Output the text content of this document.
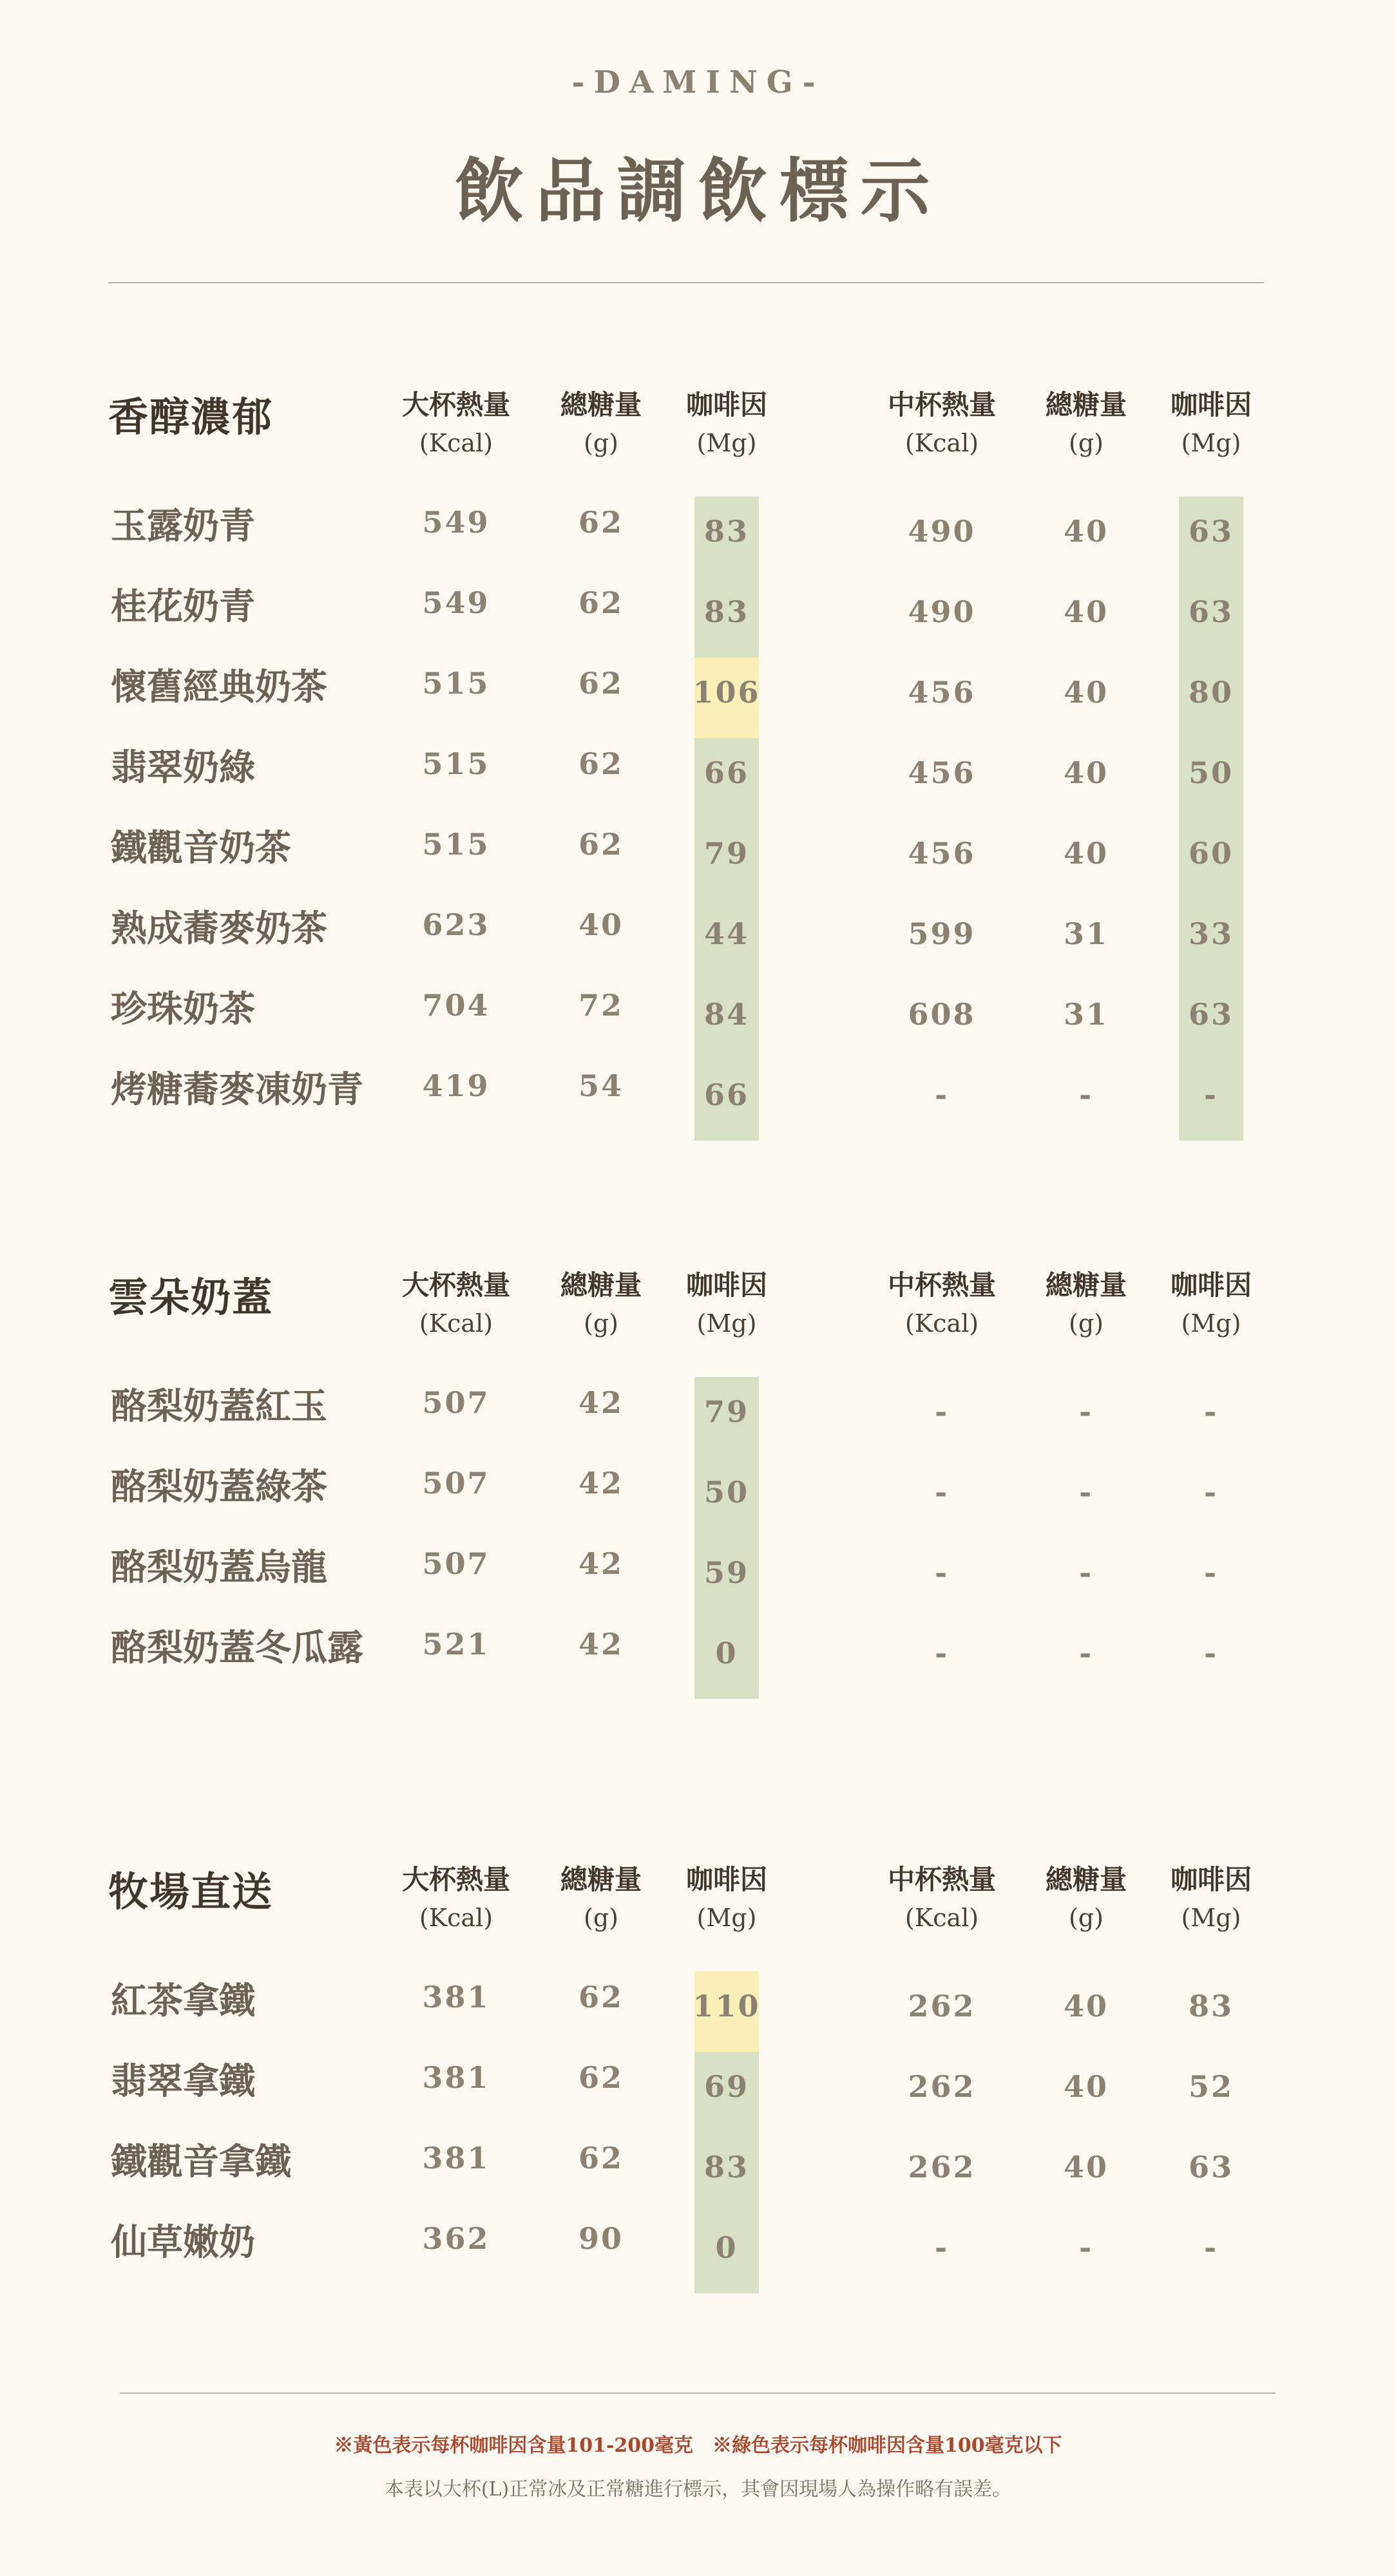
-DAMING-
飲品調飲標示
香醇濃郁	大杯熱量
(Kcal)
總糖量
(g)
咖啡因
(Mg)
中杯熱量
(Kcal)
總糖量
(g)
咖啡因
(Mg)
玉露奶青	549	62	83	490	40	63
桂花奶青	549	62	83	490	40	63
懷舊經典奶茶	515	62	106	456	40	80
翡翠奶綠	515	62	66	456	40	50
鐵觀音奶茶	515	62	79	456	40	60
熟成蕎麥奶茶	623	40	44	599	31	33
珍珠奶茶	704	72	84	608	31	63
烤糖蕎麥凍奶青	419	54	66	-	-	-
雲朵奶蓋	大杯熱量
(Kcal)
總糖量
(g)
咖啡因
(Mg)
中杯熱量
(Kcal)
總糖量
(g)
咖啡因
(Mg)
酪梨奶蓋紅玉	507	42	79	-	-	-
酪梨奶蓋綠茶	507	42	50	-	-	-
酪梨奶蓋烏龍	507	42	59	-	-	-
酪梨奶蓋冬瓜露	521	42	0	-	-	-
牧場直送	大杯熱量
(Kcal)
總糖量
(g)
咖啡因
(Mg)
中杯熱量
(Kcal)
總糖量
(g)
咖啡因
(Mg)
紅茶拿鐵	381	62	110	262	40	83
翡翠拿鐵	381	62	69	262	40	52
鐵觀音拿鐵	381	62	83	262	40	63
仙草嫩奶	362	90	0	-	-	-
※黃色表示每杯咖啡因含量101-200毫克　※綠色表示每杯咖啡因含量100毫克以下
本表以大杯(L)正常冰及正常糖進行標示，其會因現場人為操作略有誤差。
